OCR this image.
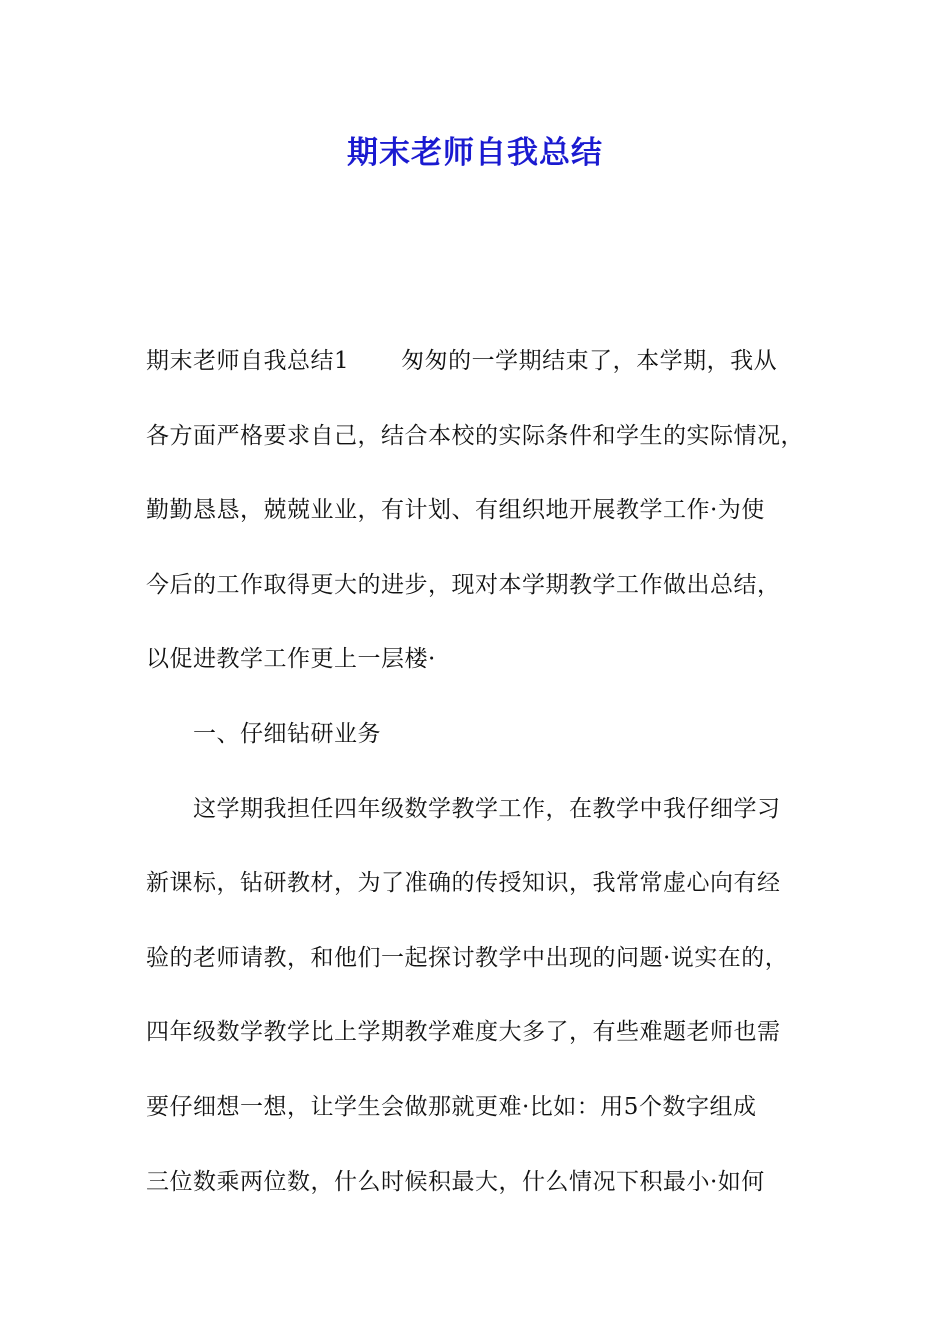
期末老师自我总结
期末老师自我总结1 匆匆的一学期结束了，本学期，我从
各方面严格要求自己，结合本校的实际条件和学生的实际情况，
勤勤恳恳，兢兢业业，有计划、有组织地开展教学工作·为使
今后的工作取得更大的进步，现对本学期教学工作做出总结，
以促进教学工作更上一层楼·
一、仔细钻研业务
这学期我担任四年级数学教学工作，在教学中我仔细学习
新课标，钻研教材，为了准确的传授知识，我常常虚心向有经
验的老师请教，和他们一起探讨教学中出现的问题·说实在的，
四年级数学教学比上学期教学难度大多了，有些难题老师也需
要仔细想一想，让学生会做那就更难·比如：用5个数字组成
三位数乘两位数，什么时候积最大，什么情况下积最小·如何
